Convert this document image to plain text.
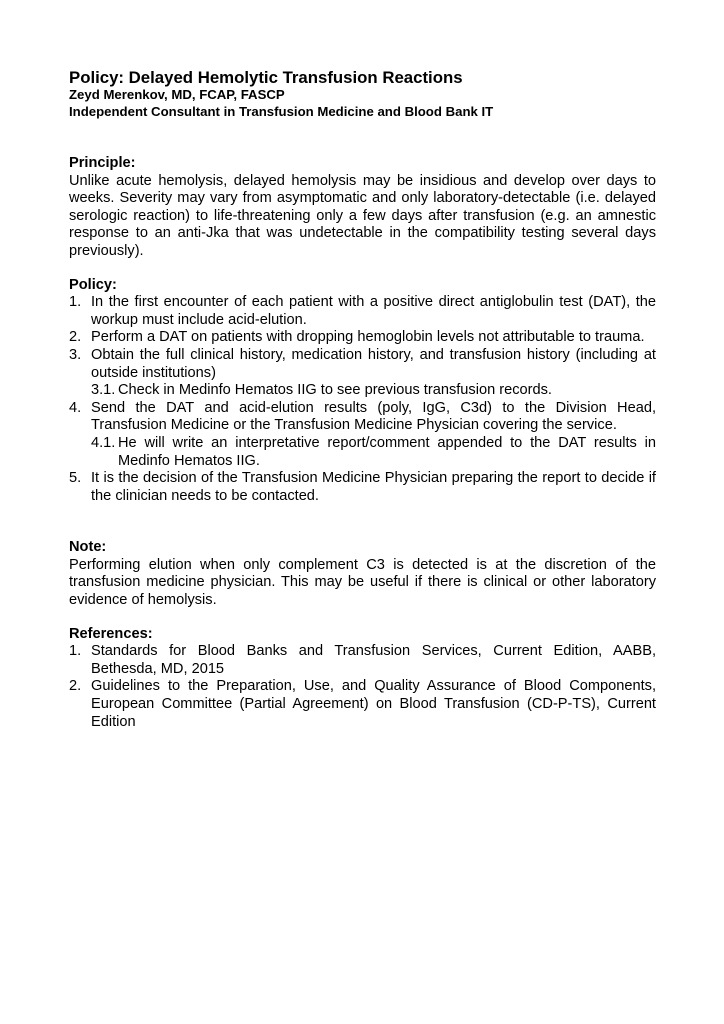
Policy: Delayed Hemolytic Transfusion Reactions
Zeyd Merenkov, MD, FCAP, FASCP
Independent Consultant in Transfusion Medicine and Blood Bank IT
Principle:
Unlike acute hemolysis, delayed hemolysis may be insidious and develop over days to weeks. Severity may vary from asymptomatic and only laboratory-detectable (i.e. delayed serologic reaction) to life-threatening only a few days after transfusion (e.g. an amnestic response to an anti-Jka that was undetectable in the compatibility testing several days previously).
Policy:
1. In the first encounter of each patient with a positive direct antiglobulin test (DAT), the workup must include acid-elution.
2. Perform a DAT on patients with dropping hemoglobin levels not attributable to trauma.
3. Obtain the full clinical history, medication history, and transfusion history (including at outside institutions)
3.1. Check in Medinfo Hematos IIG to see previous transfusion records.
4. Send the DAT and acid-elution results (poly, IgG, C3d) to the Division Head, Transfusion Medicine or the Transfusion Medicine Physician covering the service.
4.1. He will write an interpretative report/comment appended to the DAT results in Medinfo Hematos IIG.
5. It is the decision of the Transfusion Medicine Physician preparing the report to decide if the clinician needs to be contacted.
Note:
Performing elution when only complement C3 is detected is at the discretion of the transfusion medicine physician. This may be useful if there is clinical or other laboratory evidence of hemolysis.
References:
1. Standards for Blood Banks and Transfusion Services, Current Edition, AABB, Bethesda, MD, 2015
2. Guidelines to the Preparation, Use, and Quality Assurance of Blood Components, European Committee (Partial Agreement) on Blood Transfusion (CD-P-TS), Current Edition
